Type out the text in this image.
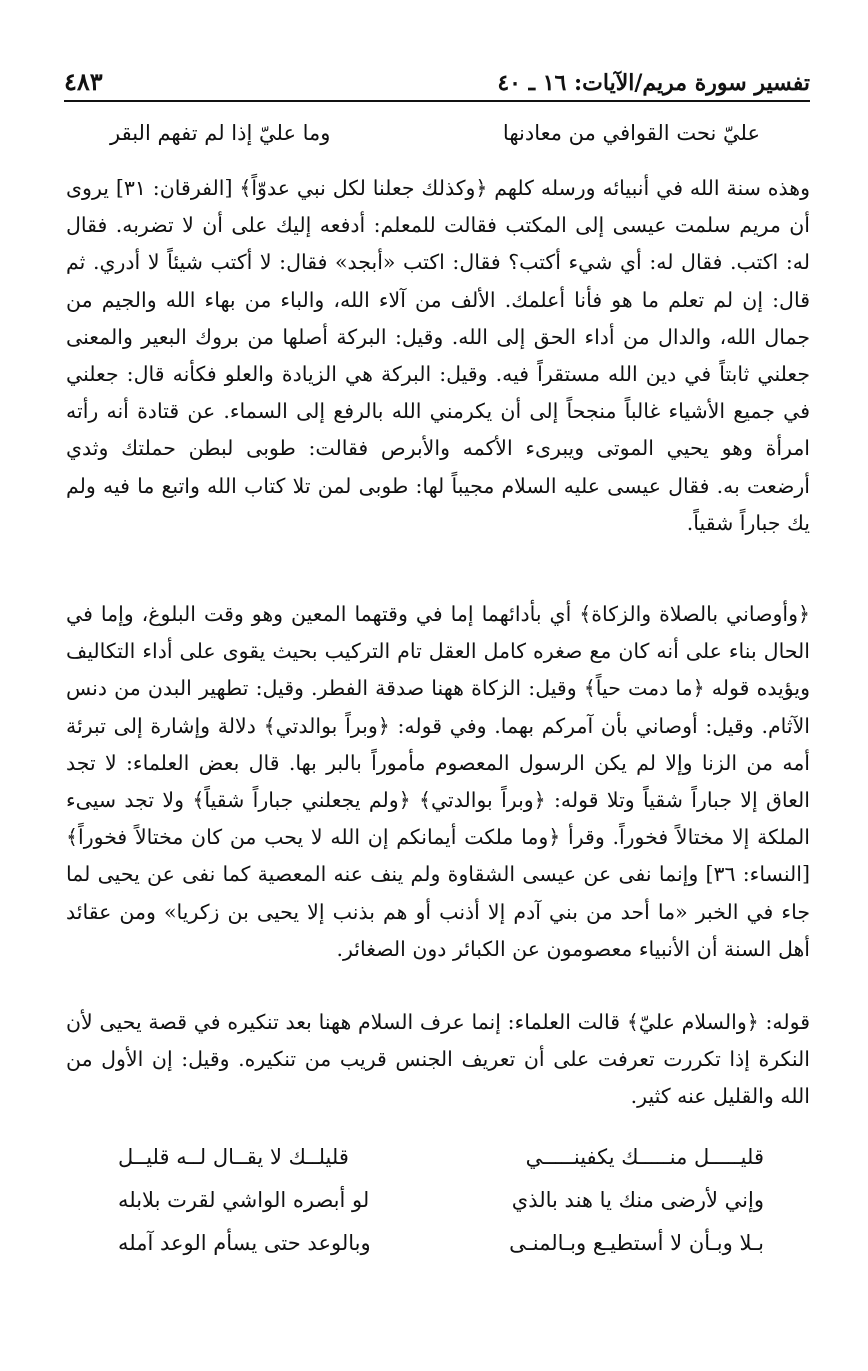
تفسير سورة مريم/الآيات: ١٦ ـ ٤٠
٤٨٣
عليّ نحت القوافي من معادنها
وما عليّ إذا لم تفهم البقر

وهذه سنة الله في أنبيائه ورسله كلهم ﴿وكذلك جعلنا لكل نبي عدوّاً﴾ [الفرقان: ٣١] يروى أن مريم سلمت عيسى إلى المكتب فقالت للمعلم: أدفعه إليك على أن لا تضربه. فقال له: اكتب. فقال له: أي شيء أكتب؟ فقال: اكتب «أبجد» فقال: لا أكتب شيئاً لا أدري. ثم قال: إن لم تعلم ما هو فأنا أعلمك. الألف من آلاء الله، والباء من بهاء الله والجيم من جمال الله، والدال من أداء الحق إلى الله. وقيل: البركة أصلها من بروك البعير والمعنى جعلني ثابتاً في دين الله مستقراً فيه. وقيل: البركة هي الزيادة والعلو فكأنه قال: جعلني في جميع الأشياء غالباً منجحاً إلى أن يكرمني الله بالرفع إلى السماء. عن قتادة أنه رأته امرأة وهو يحيي الموتى ويبرىء الأكمه والأبرص فقالت: طوبى لبطن حملتك وثدي أرضعت به. فقال عيسى عليه السلام مجيباً لها: طوبى لمن تلا كتاب الله واتبع ما فيه ولم يك جباراً شقياً.

﴿وأوصاني بالصلاة والزكاة﴾ أي بأدائهما إما في وقتهما المعين وهو وقت البلوغ، وإما في الحال بناء على أنه كان مع صغره كامل العقل تام التركيب بحيث يقوى على أداء التكاليف ويؤيده قوله ﴿ما دمت حياً﴾ وقيل: الزكاة ههنا صدقة الفطر. وقيل: تطهير البدن من دنس الآثام. وقيل: أوصاني بأن آمركم بهما. وفي قوله: ﴿وبراً بوالدتي﴾ دلالة وإشارة إلى تبرئة أمه من الزنا وإلا لم يكن الرسول المعصوم مأموراً بالبر بها. قال بعض العلماء: لا تجد العاق إلا جباراً شقياً وتلا قوله: ﴿وبراً بوالدتي﴾ ﴿ولم يجعلني جباراً شقياً﴾ ولا تجد سيىء الملكة إلا مختالاً فخوراً. وقرأ ﴿وما ملكت أيمانكم إن الله لا يحب من كان مختالاً فخوراً﴾ [النساء: ٣٦] وإنما نفى عن عيسى الشقاوة ولم ينف عنه المعصية كما نفى عن يحيى لما جاء في الخبر «ما أحد من بني آدم إلا أذنب أو هم بذنب إلا يحيى بن زكريا» ومن عقائد أهل السنة أن الأنبياء معصومون عن الكبائر دون الصغائر.

قوله: ﴿والسلام عليّ﴾ قالت العلماء: إنما عرف السلام ههنا بعد تنكيره في قصة يحيى لأن النكرة إذا تكررت تعرفت على أن تعريف الجنس قريب من تنكيره. وقيل: إن الأول من الله والقليل عنه كثير.

قليـــــل منـــــك يكفينـــــي
قليلــك لا يقــال لــه قليــل
وإني لأرضى منك يا هند بالذي
لو أبصره الواشي لقرت بلابله
بـلا وبـأن لا أستطيـع وبـالمنـى
وبالوعد حتى يسأم الوعد آمله
